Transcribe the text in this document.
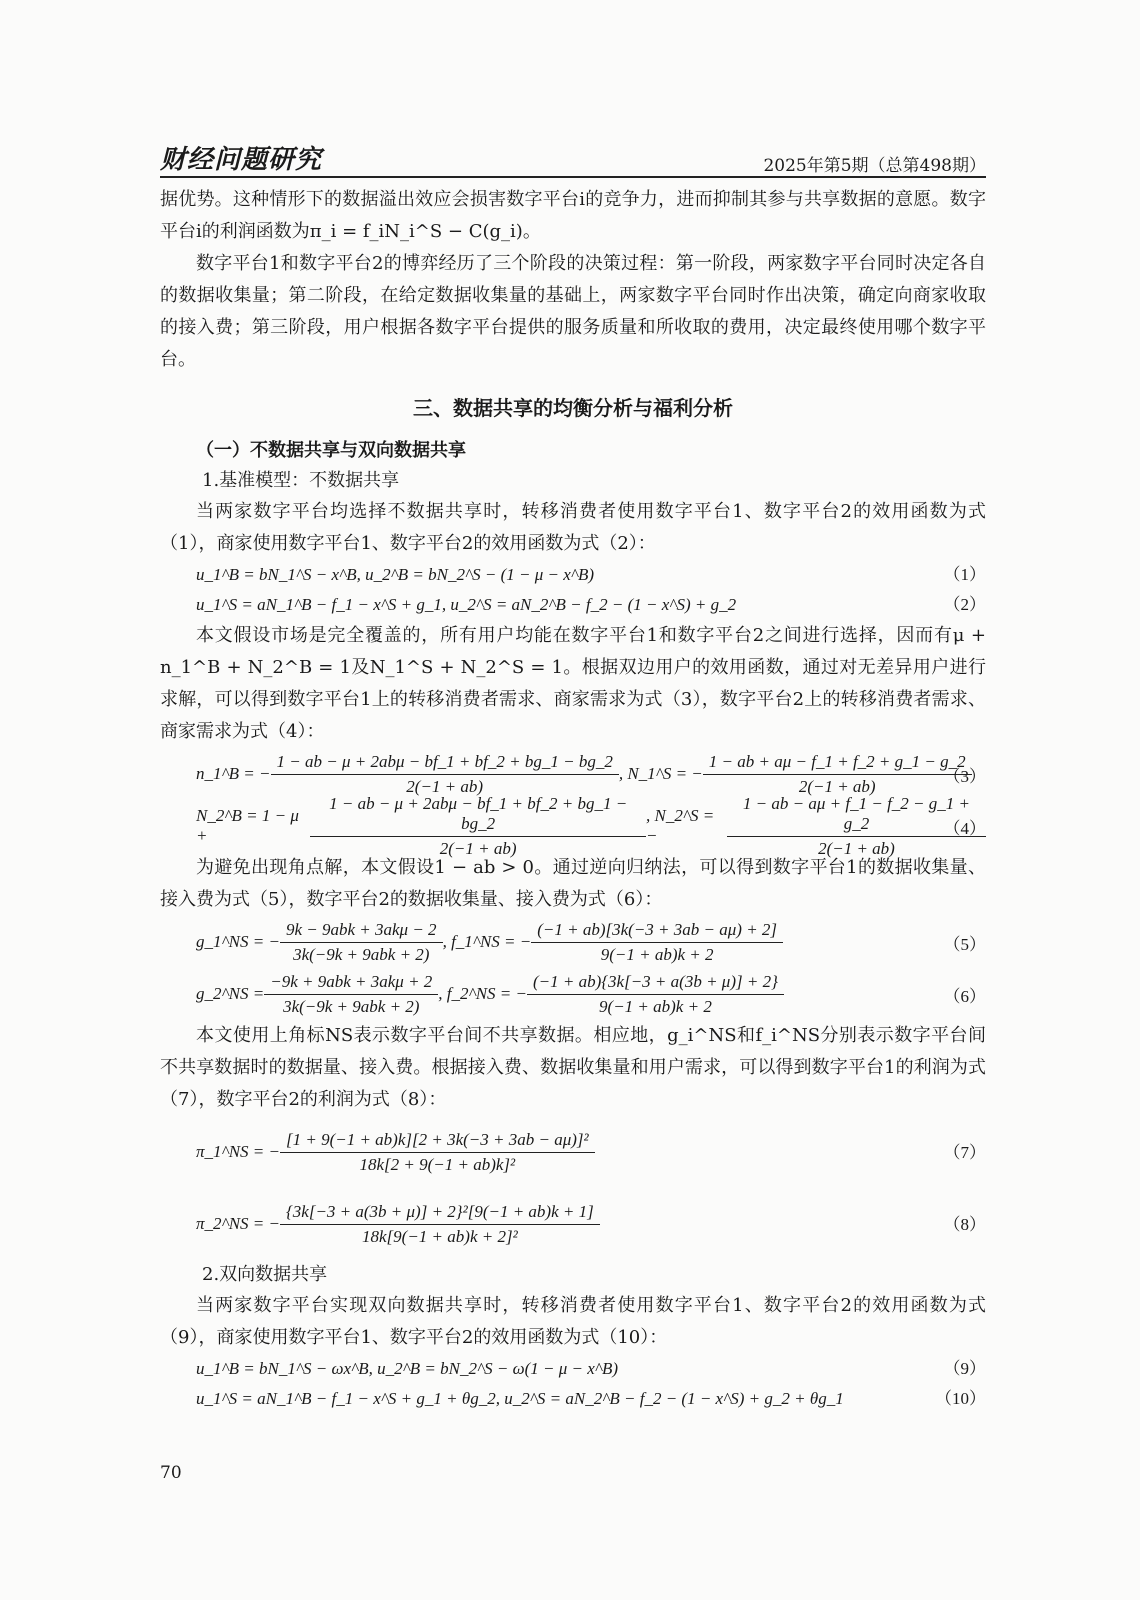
财经问题研究	2025年第5期（总第498期）

据优势。这种情形下的数据溢出效应会损害数字平台i的竞争力，进而抑制其参与共享数据的意愿。数字平台i的利润函数为π_i = f_iN_i^S − C(g_i)。

数字平台1和数字平台2的博弈经历了三个阶段的决策过程：第一阶段，两家数字平台同时决定各自的数据收集量；第二阶段，在给定数据收集量的基础上，两家数字平台同时作出决策，确定向商家收取的接入费；第三阶段，用户根据各数字平台提供的服务质量和所收取的费用，决定最终使用哪个数字平台。

三、数据共享的均衡分析与福利分析
（一）不数据共享与双向数据共享
1.基准模型：不数据共享

当两家数字平台均选择不数据共享时，转移消费者使用数字平台1、数字平台2的效用函数为式（1），商家使用数字平台1、数字平台2的效用函数为式（2）：

u_1^B = bN_1^S − x^B, u_2^B = bN_2^S − (1 − μ − x^B)	（1）
u_1^S = aN_1^B − f_1 − x^S + g_1, u_2^S = aN_2^B − f_2 − (1 − x^S) + g_2	（2）

本文假设市场是完全覆盖的，所有用户均能在数字平台1和数字平台2之间进行选择，因而有μ + n_1^B + N_2^B = 1及N_1^S + N_2^S = 1。根据双边用户的效用函数，通过对无差异用户进行求解，可以得到数字平台1上的转移消费者需求、商家需求为式（3），数字平台2上的转移消费者需求、商家需求为式（4）：

n_1^B = − $\frac{\text{1 − ab − μ + 2abμ − bf\_1 + bf\_2 + bg\_1 − bg\_2}}{2(-1 + ab)}$ , N_1^S = − $\frac{1 - ab + a\mu - f\_1 + f\_2 + g\_1 - g\_2}{2(-1 + ab)}$
（3）
N_2^B = 1 − μ +	$\frac{\text{1 − ab − μ + 2abμ − bf\_1 + bf\_2 + bg\_1 − bg\_2}}{2(-1 + ab)}$ , N_2^S = −	$\frac{1 - ab - a\mu + f\_1 - f\_2 - g\_1 + g\_2}{2(-1 + ab)}$
（4）

为避免出现角点解，本文假设1 − ab > 0。通过逆向归纳法，可以得到数字平台1的数据收集量、接入费为式（5），数字平台2的数据收集量、接入费为式（6）：

g_1^NS = − $\frac{\text{9k − 9abk + 3akμ − 2}}{\text{3k(−9k + 9abk + 2)}}$ , f_1^NS = − $\frac{(-1 + ab)[3k(-3 + 3ab - a\mu) + 2]}{9(-1 + ab)k + 2}$	（5）
g_2^NS = $\frac{\text{−9k + 9abk + 3akμ + 2}}{\text{3k(−9k + 9abk + 2)}}$ , f_2^NS = − $\frac{(-1 + ab)\{3k[-3 + a(3b + \mu)] + 2\}}{9(-1 + ab)k + 2}$	（6）

本文使用上角标NS表示数字平台间不共享数据。相应地，g_i^NS和f_i^NS分别表示数字平台间不共享数据时的数据量、接入费。根据接入费、数据收集量和用户需求，可以得到数字平台1的利润为式（7），数字平台2的利润为式（8）：

π_1^NS = − $\frac{\text{[1 + 9(−1 + ab)k][2 + 3k(−3 + 3ab − aμ)]²}}{\text{18k[2 + 9(−1 + ab)k]²}}$	（7）
π_2^NS = − $\frac{\text{\{3k[−3 + a(3b + μ)] + 2\}²[9(−1 + ab)k + 1]}}{\text{18k[9(−1 + ab)k + 2]²}}$	（8）
2.双向数据共享

当两家数字平台实现双向数据共享时，转移消费者使用数字平台1、数字平台2的效用函数为式（9），商家使用数字平台1、数字平台2的效用函数为式（10）：

u_1^B = bN_1^S − ωx^B, u_2^B = bN_2^S − ω(1 − μ − x^B)	（9）
u_1^S = aN_1^B − f_1 − x^S + g_1 + θg_2, u_2^S = aN_2^B − f_2 − (1 − x^S) + g_2 + θg_1	（10）
70
